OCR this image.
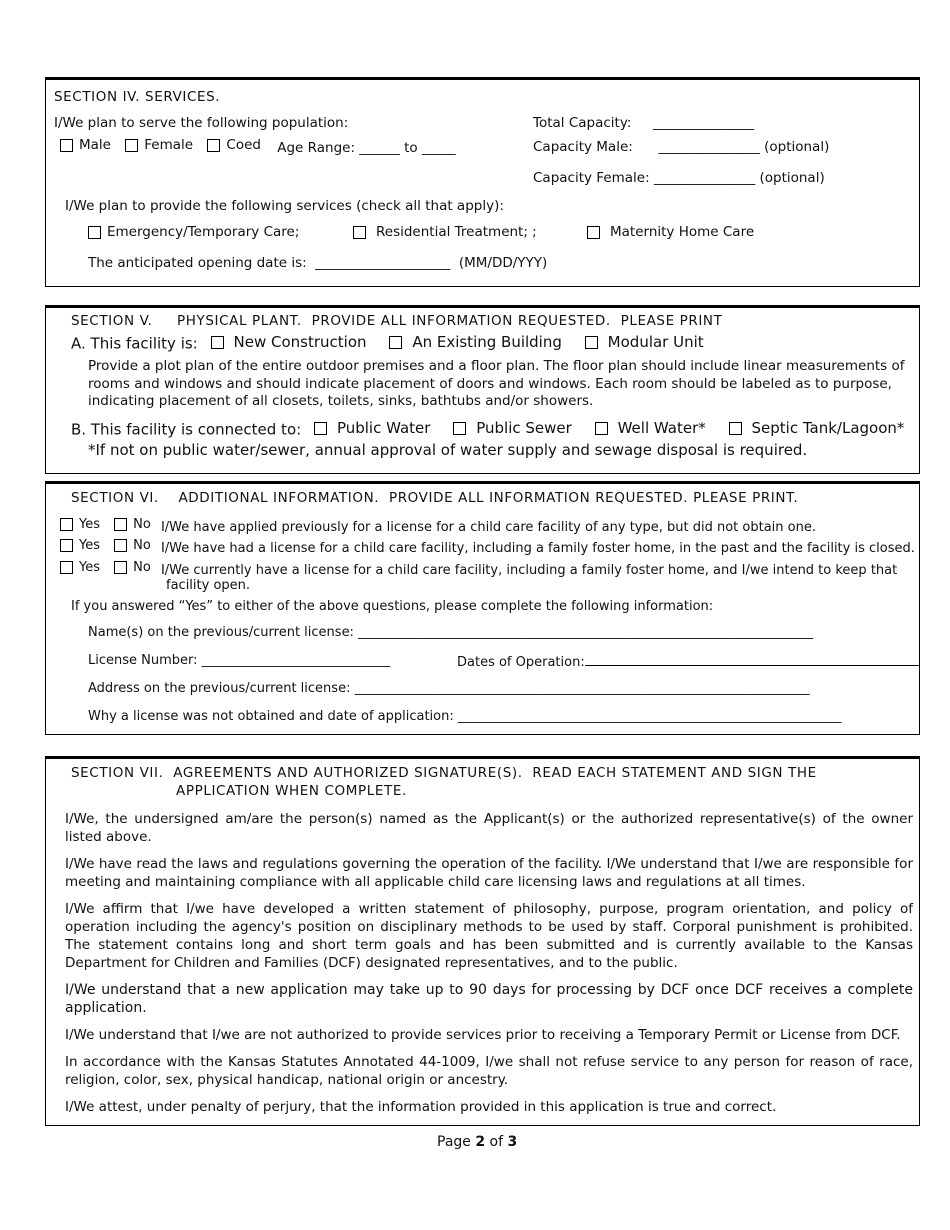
SECTION IV. SERVICES.
I/We plan to serve the following population:
Male
Female
Coed Age Range: ______ to _____
Total Capacity:     _______________
Capacity Male:      _______________ (optional)
Capacity Female: _______________ (optional)
I/We plan to provide the following services (check all that apply):
Emergency/Temporary Care;	Residential Treatment; ;	Maternity Home Care
The anticipated opening date is:  ____________________  (MM/DD/YYY)
SECTION V.     PHYSICAL PLANT.  PROVIDE ALL INFORMATION REQUESTED.  PLEASE PRINT
A. This facility is: New Construction
	An Existing Building
	Modular Unit
Provide a plot plan of the entire outdoor premises and a floor plan. The floor plan should include linear measurements of
rooms and windows and should indicate placement of doors and windows. Each room should be labeled as to purpose,
indicating placement of all closets, toilets, sinks, bathtubs and/or showers.
B. This facility is connected to: Public Water
	Public Sewer
	Well Water*
	Septic Tank/Lagoon*
*If not on public water/sewer, annual approval of water supply and sewage disposal is required.
SECTION VI.    ADDITIONAL INFORMATION.  PROVIDE ALL INFORMATION REQUESTED. PLEASE PRINT.
Yes
	No I/We have applied previously for a license for a child care facility of any type, but did not obtain one.
Yes
	No I/We have had a license for a child care facility, including a family foster home, in the past and the facility is closed.
Yes
	No I/We currently have a license for a child care facility, including a family foster home, and I/we intend to keep that
facility open.
If you answered “Yes” to either of the above questions, please complete the following information:
Name(s) on the previous/current license: ______________________________________________________________________
License Number: _____________________________	Dates of Operation:
Address on the previous/current license: ______________________________________________________________________
Why a license was not obtained and date of application: ___________________________________________________________
SECTION VII.  AGREEMENTS AND AUTHORIZED SIGNATURE(S).  READ EACH STATEMENT AND SIGN THE
APPLICATION WHEN COMPLETE.
I/We, the undersigned am/are the person(s) named as the Applicant(s) or the authorized representative(s) of the owner listed above.
I/We have read the laws and regulations governing the operation of the facility. I/We understand that I/we are responsible for meeting and maintaining compliance with all applicable child care licensing laws and regulations at all times.
I/We affirm that I/we have developed a written statement of philosophy, purpose, program orientation, and policy of operation including the agency's position on disciplinary methods to be used by staff. Corporal punishment is prohibited. The statement contains long and short term goals and has been submitted and is currently available to the Kansas Department for Children and Families (DCF) designated representatives, and to the public.
I/We understand that a new application may take up to 90 days for processing by DCF once DCF receives a complete application.
I/We understand that I/we are not authorized to provide services prior to receiving a Temporary Permit or License from DCF.
In accordance with the Kansas Statutes Annotated 44-1009, I/we shall not refuse service to any person for reason of race, religion, color, sex, physical handicap, national origin or ancestry.
I/We attest, under penalty of perjury, that the information provided in this application is true and correct.
Page 2 of 3
